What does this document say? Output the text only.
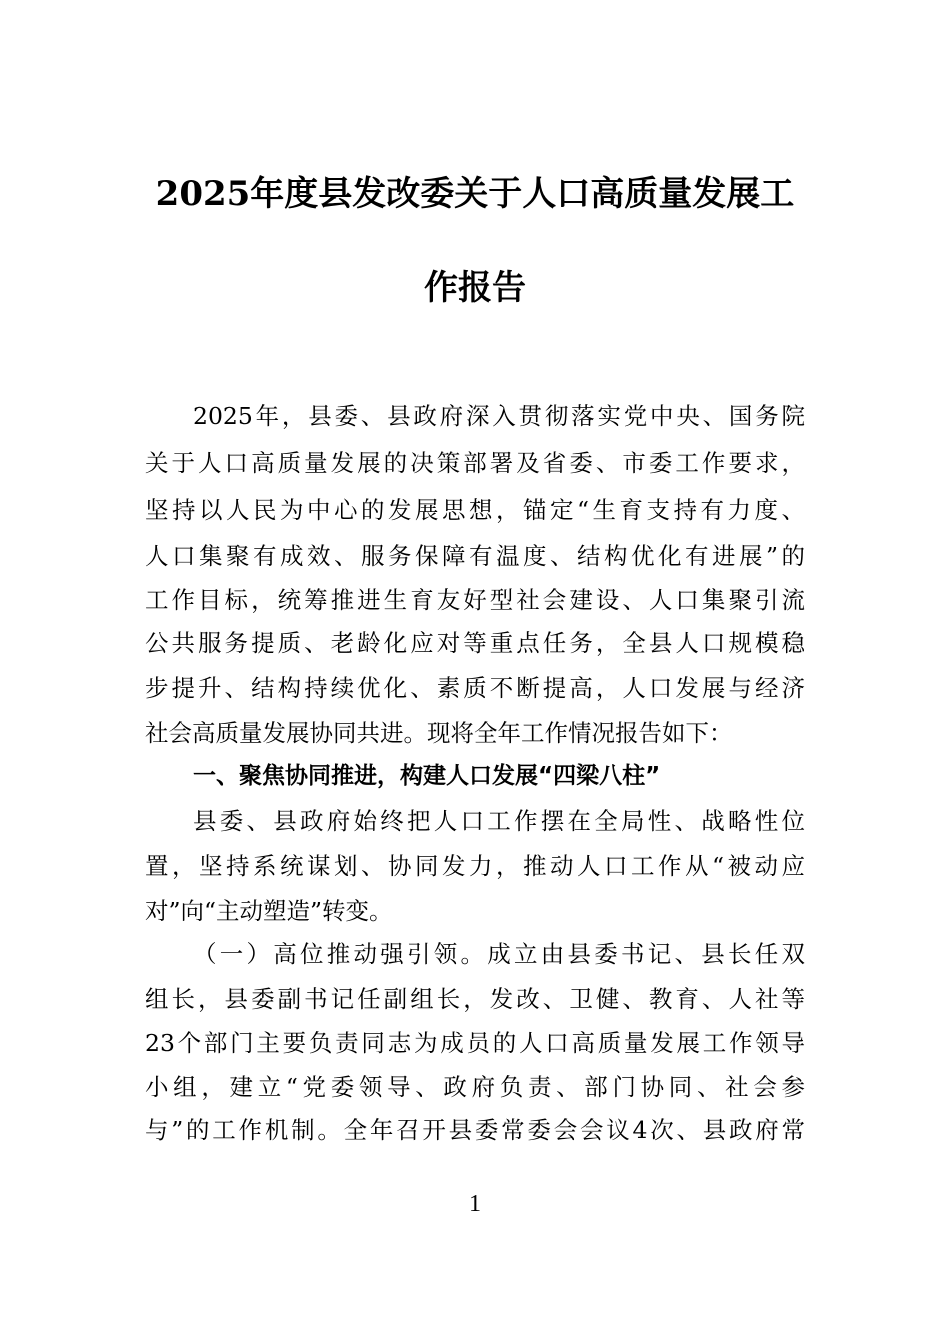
2025年度县发改委关于人口高质量发展工
作报告
2025年，县委、县政府深入贯彻落实党中央、国务院
关于人口高质量发展的决策部署及省委、市委工作要求，
坚持以人民为中心的发展思想，锚定“生育支持有力度、
人口集聚有成效、服务保障有温度、结构优化有进展”的
工作目标，统筹推进生育友好型社会建设、人口集聚引流
公共服务提质、老龄化应对等重点任务，全县人口规模稳
步提升、结构持续优化、素质不断提高，人口发展与经济
社会高质量发展协同共进。现将全年工作情况报告如下：
一、聚焦协同推进，构建人口发展“四梁八柱”
县委、县政府始终把人口工作摆在全局性、战略性位
置，坚持系统谋划、协同发力，推动人口工作从“被动应
对”向“主动塑造”转变。
（一）高位推动强引领。成立由县委书记、县长任双
组长，县委副书记任副组长，发改、卫健、教育、人社等
23个部门主要负责同志为成员的人口高质量发展工作领导
小组，建立“党委领导、政府负责、部门协同、社会参
与”的工作机制。全年召开县委常委会会议4次、县政府常
1
